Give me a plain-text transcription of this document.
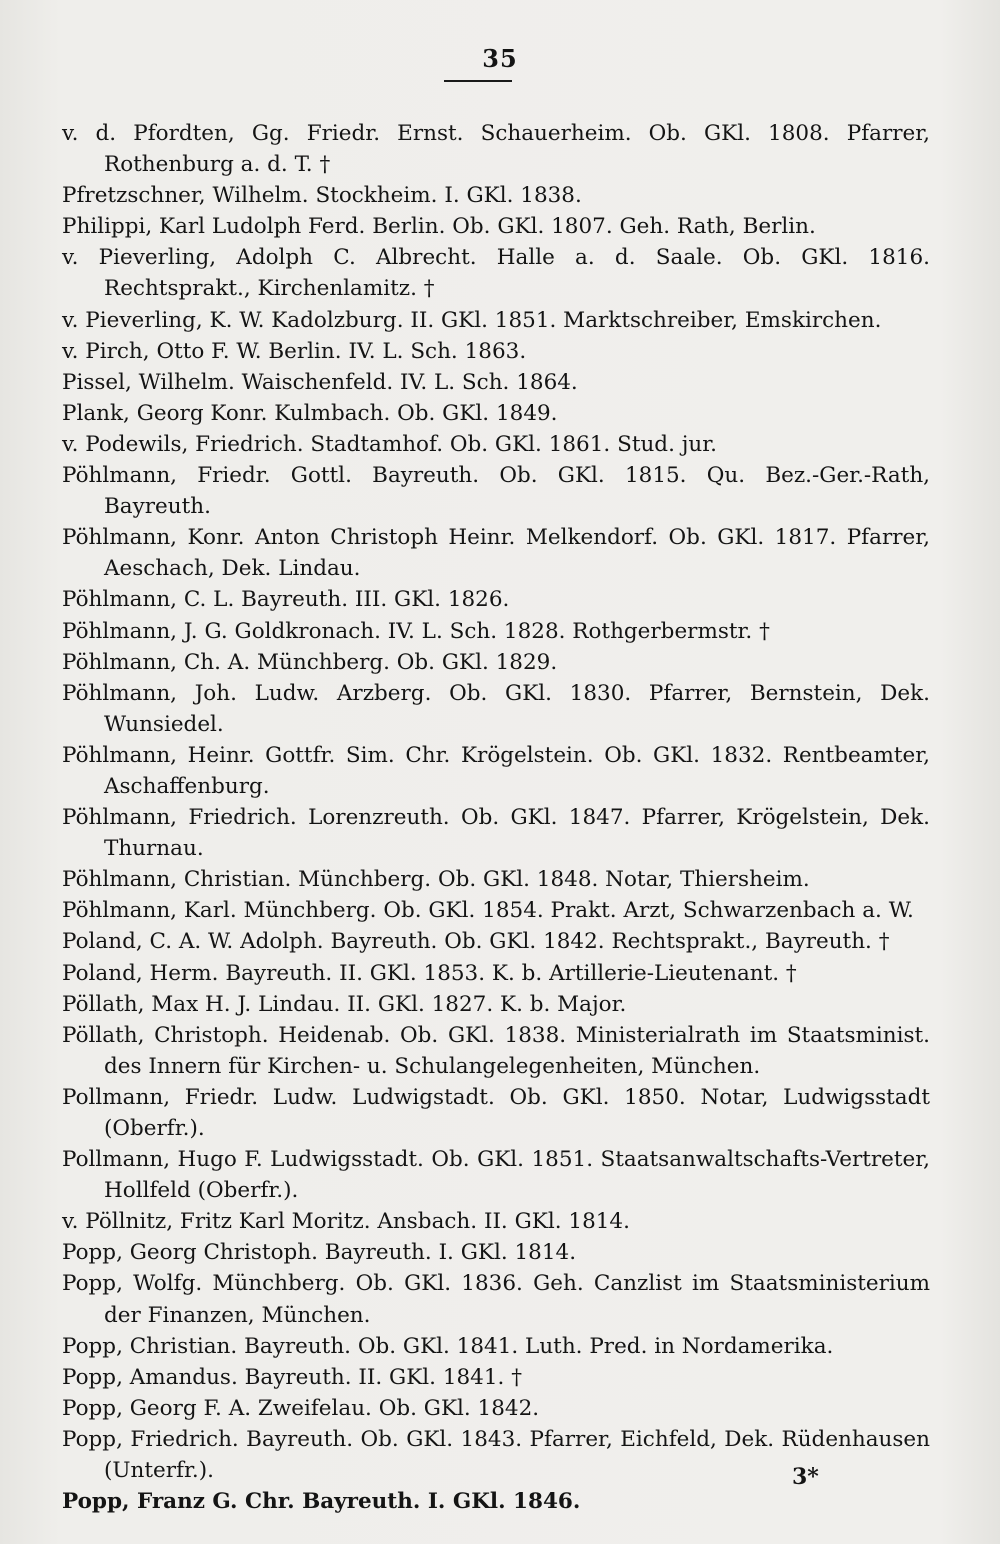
35
v. d. Pfordten, Gg. Friedr. Ernst. Schauerheim. Ob. GKl. 1808. Pfarrer, Rothenburg a. d. T. †
Pfretzschner, Wilhelm. Stockheim. I. GKl. 1838.
Philippi, Karl Ludolph Ferd. Berlin. Ob. GKl. 1807. Geh. Rath, Berlin.
v. Pieverling, Adolph C. Albrecht. Halle a. d. Saale. Ob. GKl. 1816. Rechtsprakt., Kirchenlamitz. †
v. Pieverling, K. W. Kadolzburg. II. GKl. 1851. Marktschreiber, Emskirchen.
v. Pirch, Otto F. W. Berlin. IV. L. Sch. 1863.
Pissel, Wilhelm. Waischenfeld. IV. L. Sch. 1864.
Plank, Georg Konr. Kulmbach. Ob. GKl. 1849.
v. Podewils, Friedrich. Stadtamhof. Ob. GKl. 1861. Stud. jur.
Pöhlmann, Friedr. Gottl. Bayreuth. Ob. GKl. 1815. Qu. Bez.-Ger.-Rath, Bayreuth.
Pöhlmann, Konr. Anton Christoph Heinr. Melkendorf. Ob. GKl. 1817. Pfarrer, Aeschach, Dek. Lindau.
Pöhlmann, C. L. Bayreuth. III. GKl. 1826.
Pöhlmann, J. G. Goldkronach. IV. L. Sch. 1828. Rothgerbermstr. †
Pöhlmann, Ch. A. Münchberg. Ob. GKl. 1829.
Pöhlmann, Joh. Ludw. Arzberg. Ob. GKl. 1830. Pfarrer, Bernstein, Dek. Wunsiedel.
Pöhlmann, Heinr. Gottfr. Sim. Chr. Krögelstein. Ob. GKl. 1832. Rentbeamter, Aschaffenburg.
Pöhlmann, Friedrich. Lorenzreuth. Ob. GKl. 1847. Pfarrer, Krögelstein, Dek. Thurnau.
Pöhlmann, Christian. Münchberg. Ob. GKl. 1848. Notar, Thiersheim.
Pöhlmann, Karl. Münchberg. Ob. GKl. 1854. Prakt. Arzt, Schwarzenbach a. W.
Poland, C. A. W. Adolph. Bayreuth. Ob. GKl. 1842. Rechtsprakt., Bayreuth. †
Poland, Herm. Bayreuth. II. GKl. 1853. K. b. Artillerie-Lieutenant. †
Pöllath, Max H. J. Lindau. II. GKl. 1827. K. b. Major.
Pöllath, Christoph. Heidenab. Ob. GKl. 1838. Ministerialrath im Staatsminist. des Innern für Kirchen- u. Schulangelegenheiten, München.
Pollmann, Friedr. Ludw. Ludwigstadt. Ob. GKl. 1850. Notar, Ludwigsstadt (Oberfr.).
Pollmann, Hugo F. Ludwigsstadt. Ob. GKl. 1851. Staatsanwaltschafts-Vertreter, Hollfeld (Oberfr.).
v. Pöllnitz, Fritz Karl Moritz. Ansbach. II. GKl. 1814.
Popp, Georg Christoph. Bayreuth. I. GKl. 1814.
Popp, Wolfg. Münchberg. Ob. GKl. 1836. Geh. Canzlist im Staatsministerium der Finanzen, München.
Popp, Christian. Bayreuth. Ob. GKl. 1841. Luth. Pred. in Nordamerika.
Popp, Amandus. Bayreuth. II. GKl. 1841. †
Popp, Georg F. A. Zweifelau. Ob. GKl. 1842.
Popp, Friedrich. Bayreuth. Ob. GKl. 1843. Pfarrer, Eichfeld, Dek. Rüdenhausen (Unterfr.).
Popp, Franz G. Chr. Bayreuth. I. GKl. 1846.
3*
